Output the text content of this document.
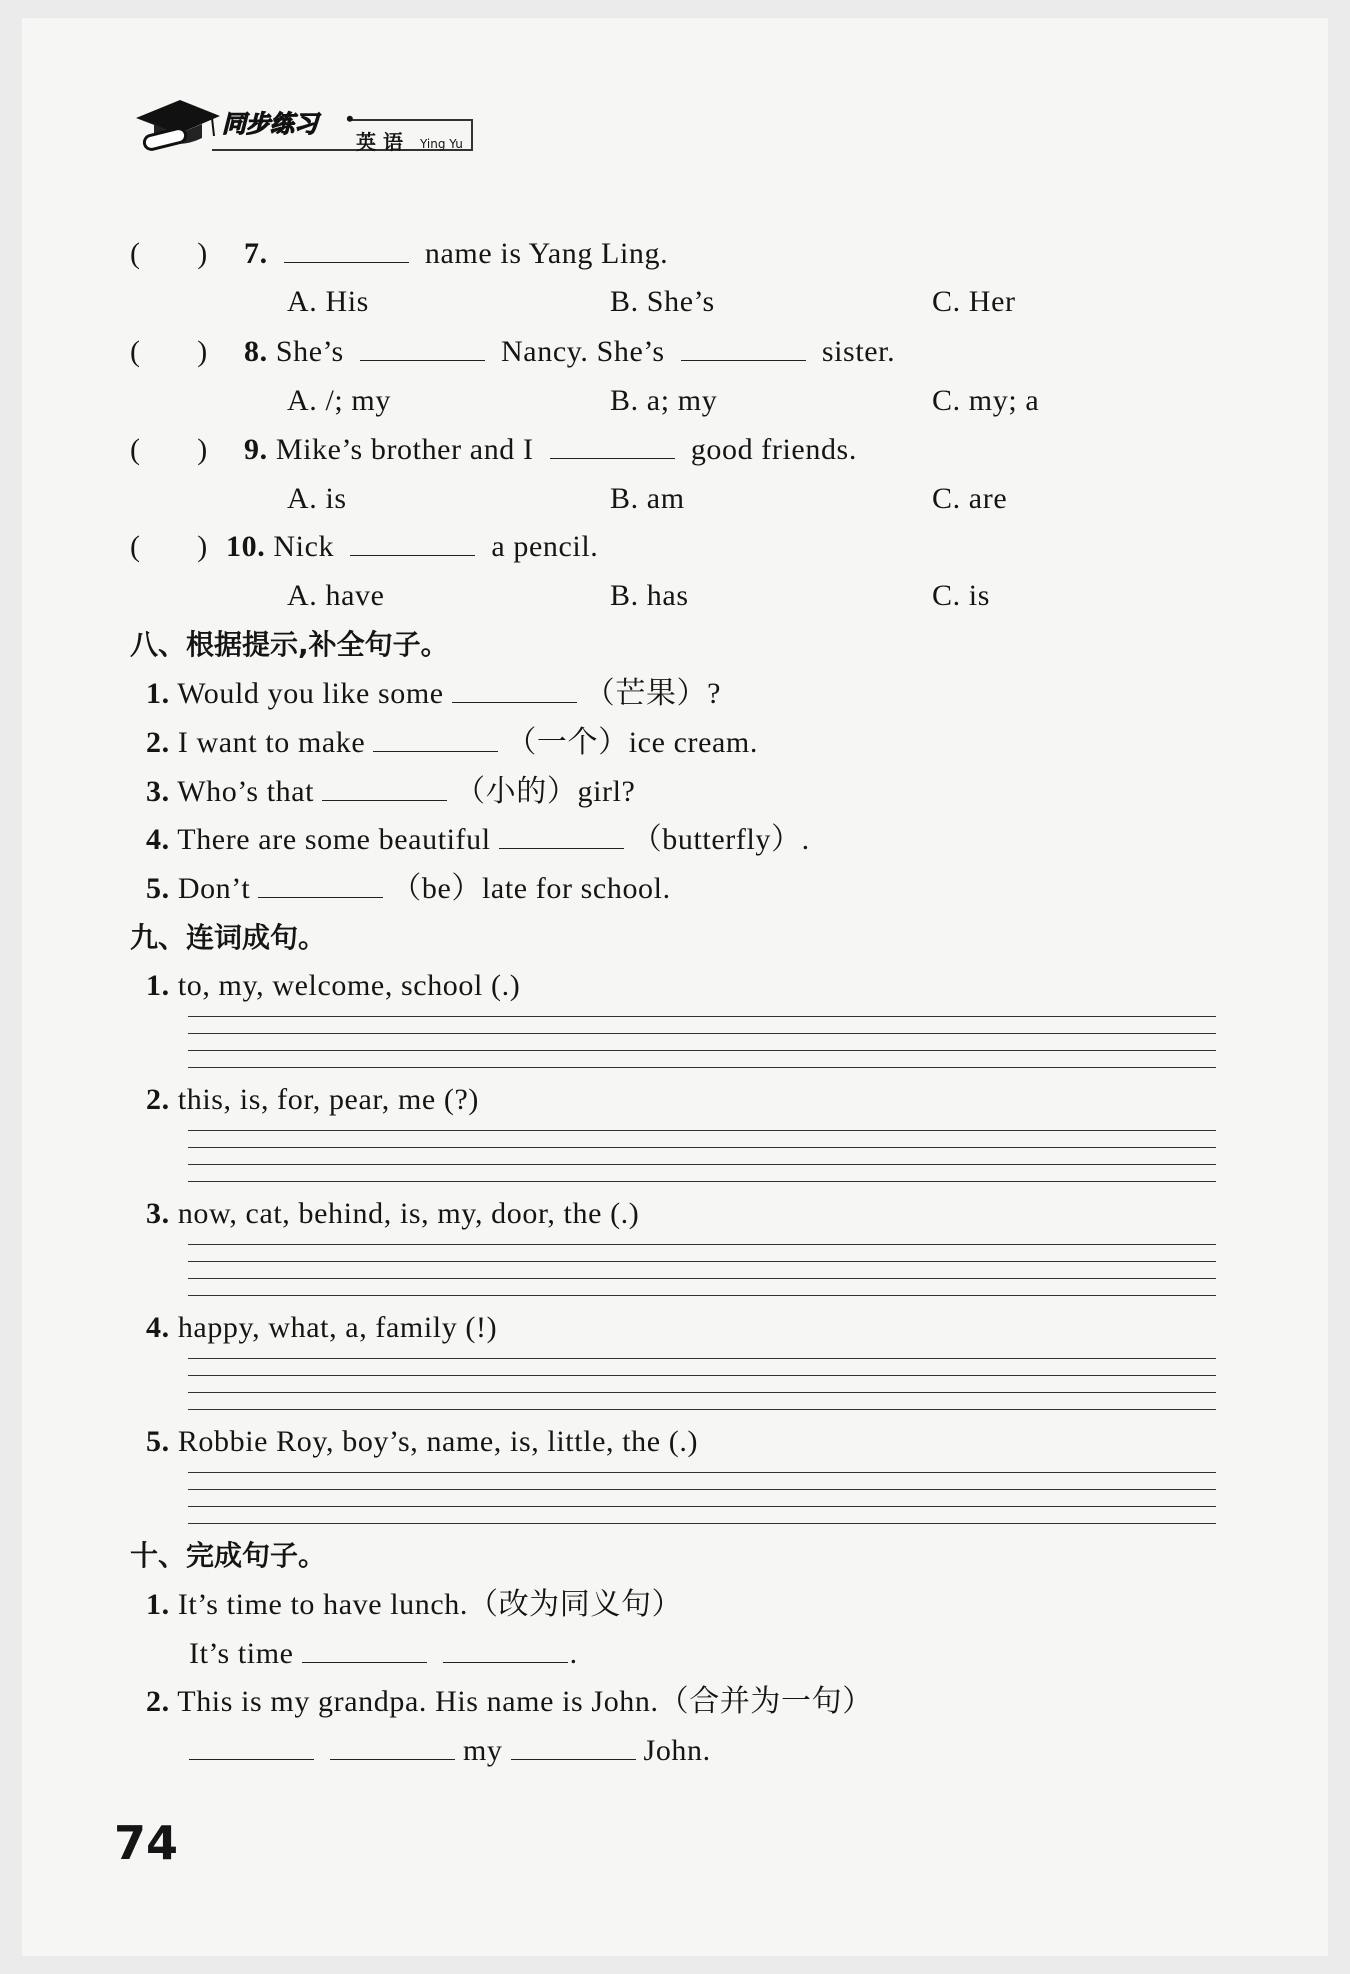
同步练习 •
英 语 Ying Yu
(       ) 7.	name is Yang Ling.
A. His	B. She’s	C. Her
(       ) 8. She’s	Nancy. She’s	sister.
A. /; my	B. a; my	C. my; a
(       ) 9. Mike’s brother and I	good friends.
A. is	B. am	C. are
(       ) 10. Nick	a pencil.
A. have	B. has	C. is
八、根据提示,补全句子。
1. Would you like some	（芒果）?
2. I want to make	（一个）ice cream.
3. Who’s that	（小的）girl?
4. There are some beautiful	（butterfly）.
5. Don’t	（be）late for school.
九、连词成句。
1. to, my, welcome, school (.)
2. this, is, for, pear, me (?)
3. now, cat, behind, is, my, door, the (.)
4. happy, what, a, family (!)
5. Robbie Roy, boy’s, name, is, little, the (.)
十、完成句子。
1. It’s time to have lunch.（改为同义句）
It’s time	.
2. This is my grandpa. His name is John.（合并为一句）
my	John.
74
